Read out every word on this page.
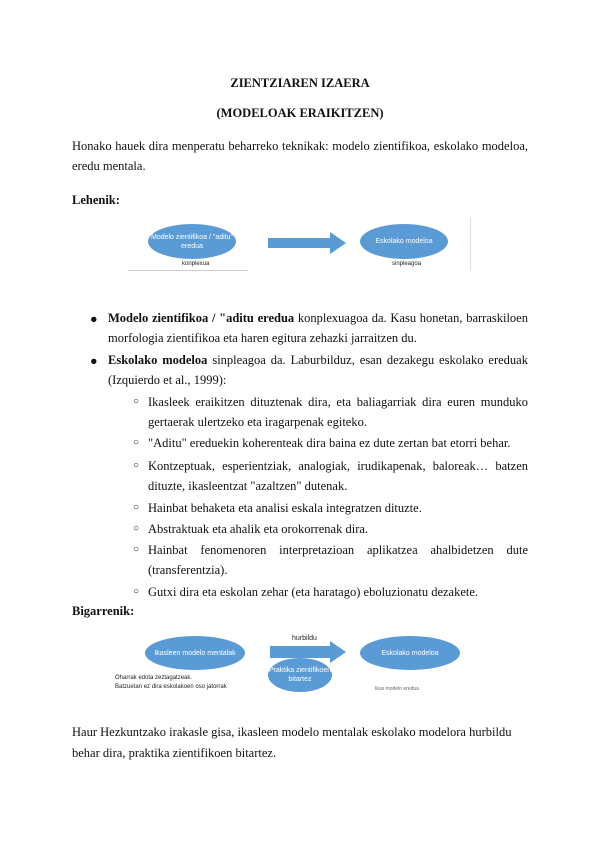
ZIENTZIAREN IZAERA
(MODELOAK ERAIKITZEN)
Honako hauek dira menperatu beharreko teknikak: modelo zientifikoa, eskolako modeloa, eredu mentala.
Lehenik:
Modelo zientifikoa / "aditu" eredua
Eskolako modeloa
konplexua	sinpleagoa
● Modelo zientifikoa / "aditu eredua konplexuagoa da. Kasu honetan, barraskiloen morfologia zientifikoa eta haren egitura zehazki jarraitzen du.
● Eskolako modeloa sinpleagoa da. Laburbilduz, esan dezakegu eskolako ereduak (Izquierdo et al., 1999):
○ Ikasleek eraikitzen dituztenak dira, eta baliagarriak dira euren munduko gertaerak ulertzeko eta iragarpenak egiteko.
○ "Aditu" ereduekin koherenteak dira baina ez dute zertan bat etorri behar.
○ Kontzeptuak, esperientziak, analogiak, irudikapenak, baloreak… batzen dituzte, ikasleentzat "azaltzen" dutenak.
○ Hainbat behaketa eta analisi eskala integratzen dituzte.
○ Abstraktuak eta ahalik eta orokorrenak dira.
○ Hainbat fenomenoren interpretazioan aplikatzea ahalbidetzen dute (transferentzia).
○ Gutxi dira eta eskolan zehar (eta haratago) eboluzionatu dezakete.
Bigarrenik:
Ikasleen modelo mentalak
hurbildu
Praktika zientifikoen bitartez
Eskolako modeloa
Oharrak edota zeztagatzeak.
Batzuetan ez dira eskolakoen oso jatorrak	Ikus modelo eredua
Haur Hezkuntzako irakasle gisa, ikasleen modelo mentalak eskolako modelora hurbildu
behar dira, praktika zientifikoen bitartez.
